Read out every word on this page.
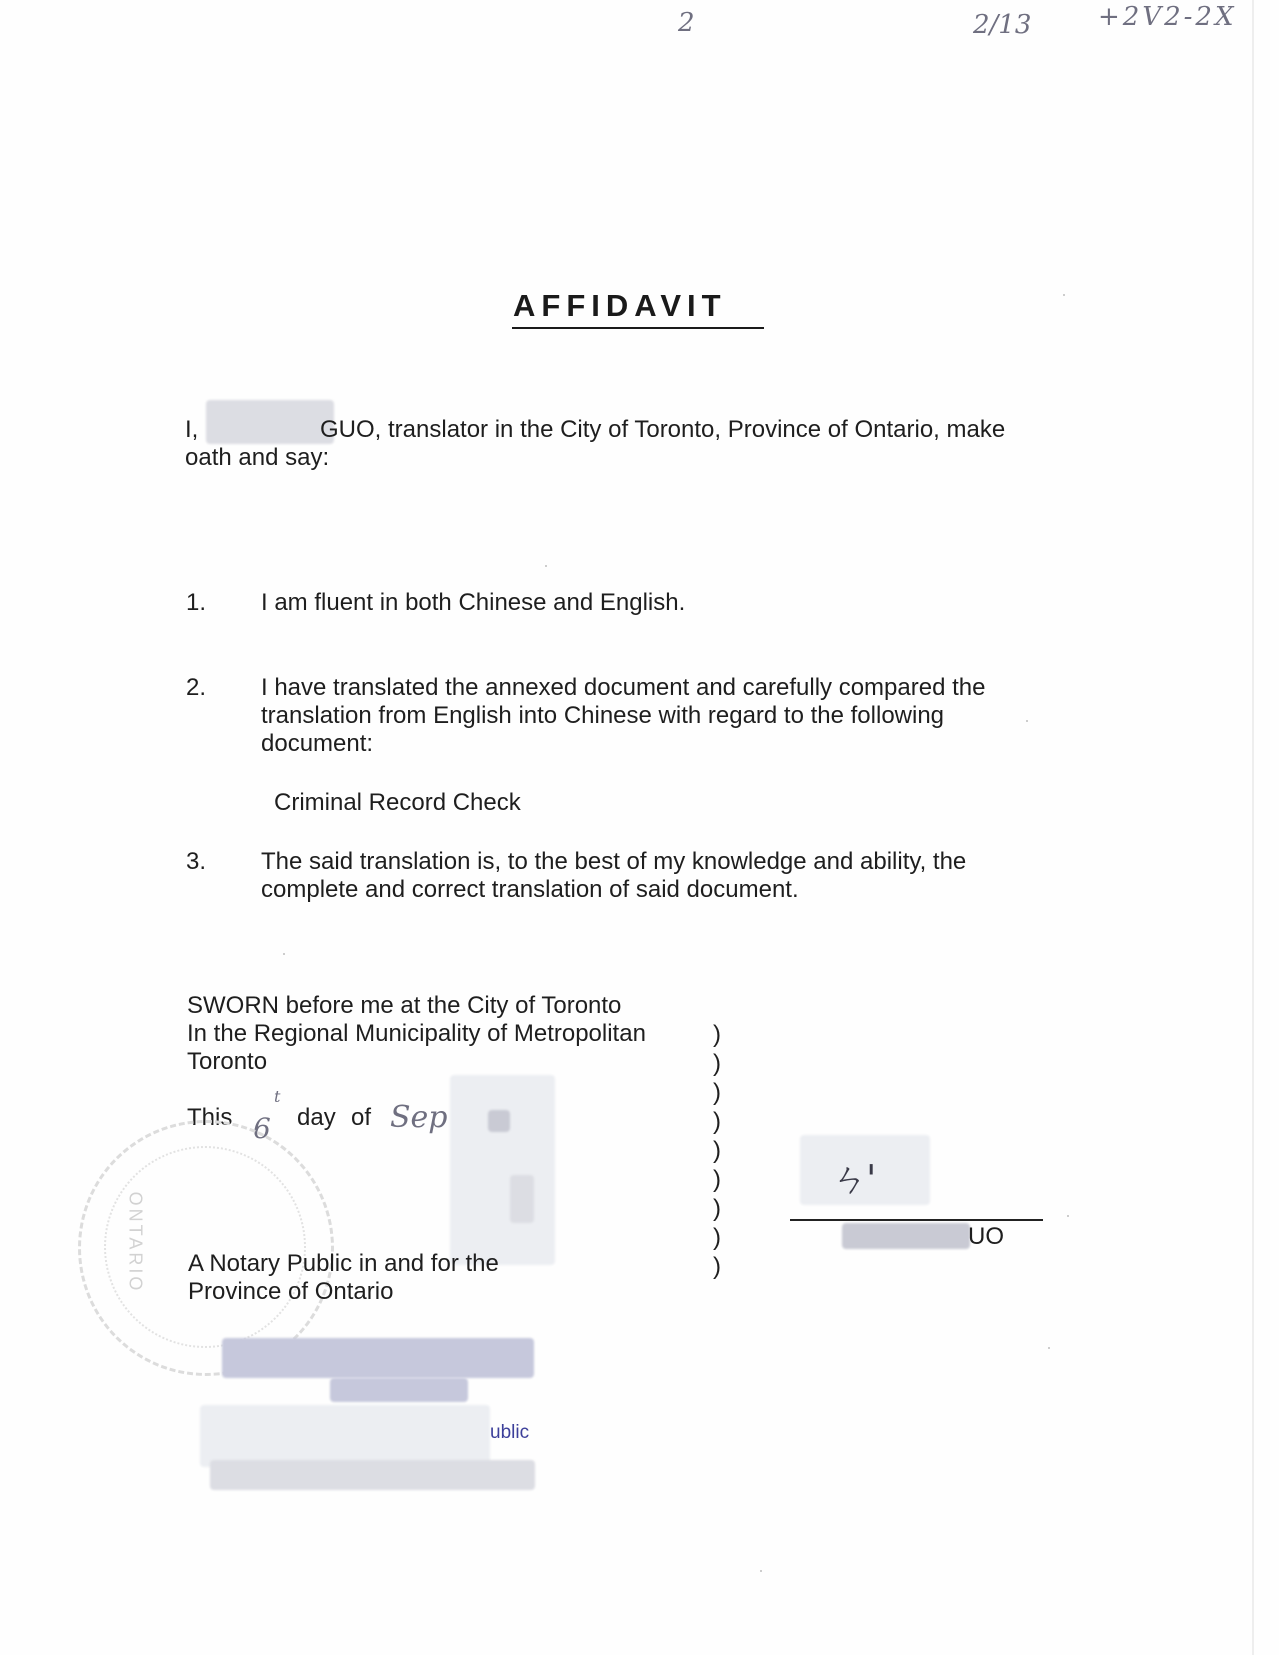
2	2/13	+2V2-2X
AFFIDAVIT
I,	GUO, translator in the City of Toronto, Province of Ontario, make
oath and say:
1. I am fluent in both Chinese and English.
2. I have translated the annexed document and carefully compared the
translation from English into Chinese with regard to the following
document:
Criminal Record Check
3. The said translation is, to the best of my knowledge and ability, the
complete and correct translation of said document.
SWORN before me at the City of Toronto
In the Regional Municipality of Metropolitan
Toronto
This 6
t
day of Sep
ONTARIO A Notary Public in and for the
Province of Ontario
)
)
)
)
)
)
)
)
)
ㄣ'
UO
ublic
